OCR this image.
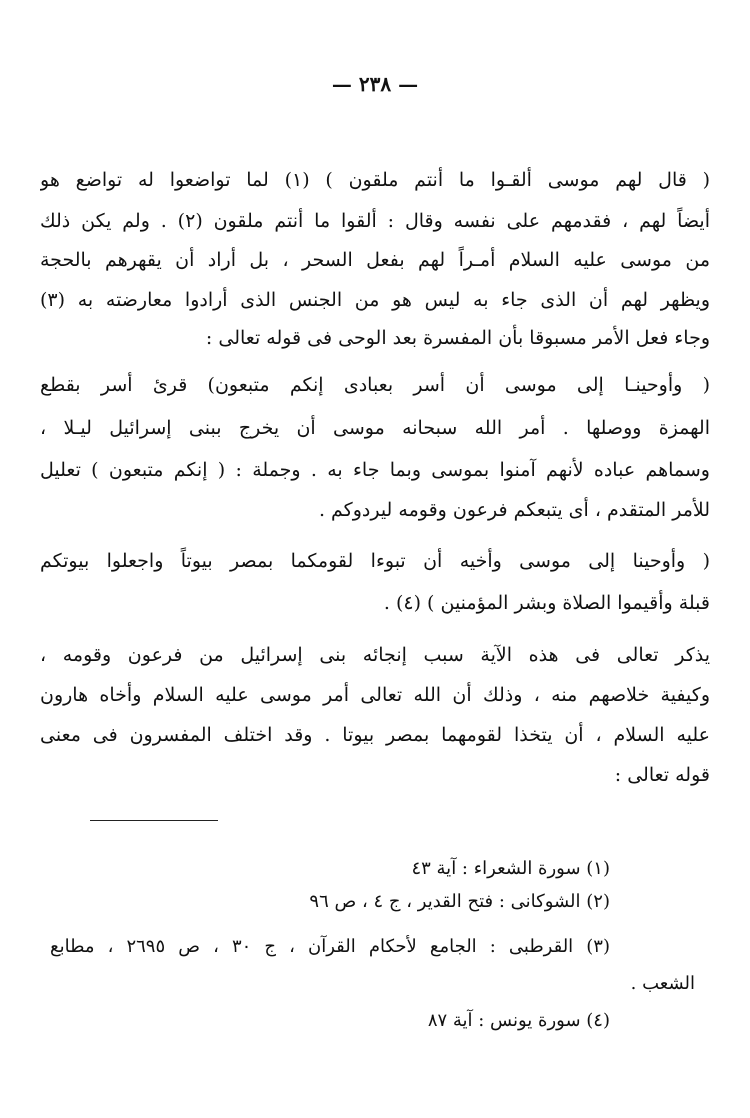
— ٢٣٨ —
( قال لهم موسى ألقـوا ما أنتم ملقون ) (١) لما تواضعوا له تواضع هو
أيضاً لهم ، فقدمهم على نفسه وقال : ألقوا ما أنتم ملقون (٢) . ولم يكن ذلك
من موسى عليه السلام أمـراً لهم بفعل السحر ، بل أراد أن يقهرهم بالحجة
ويظهر لهم أن الذى جاء به ليس هو من الجنس الذى أرادوا معارضته به (٣)
وجاء فعل الأمر مسبوقا بأن المفسرة بعد الوحى فى قوله تعالى :
( وأوحينـا إلى موسى أن أسر بعبادى إنكم متبعون) قرئ أسر بقطع
الهمزة ووصلها . أمر الله سبحانه موسى أن يخرج ببنى إسرائيل ليـلا ،
وسماهم عباده لأنهم آمنوا بموسى وبما جاء به . وجملة : ( إنكم متبعون ) تعليل
للأمر المتقدم ، أى يتبعكم فرعون وقومه ليردوكم .
( وأوحينا إلى موسى وأخيه أن تبوءا لقومكما بمصر بيوتاً واجعلوا بيوتكم
قبلة وأقيموا الصلاة وبشر المؤمنين ) (٤) .
يذكر تعالى فى هذه الآية سبب إنجائه بنى إسرائيل من فرعون وقومه ،
وكيفية خلاصهم منه ، وذلك أن الله تعالى أمر موسى عليه السلام وأخاه هارون
عليه السلام ، أن يتخذا لقومهما بمصر بيوتا . وقد اختلف المفسرون فى معنى
قوله تعالى :
(١) سورة الشعراء : آية ٤٣
(٢) الشوكانى : فتح القدير ، ج ٤ ، ص ٩٦
(٣) القرطبى : الجامع لأحكام القرآن ، ج ٣٠ ، ص ٢٦٩٥ ، مطابع
الشعب .
(٤) سورة يونس : آية ٨٧
